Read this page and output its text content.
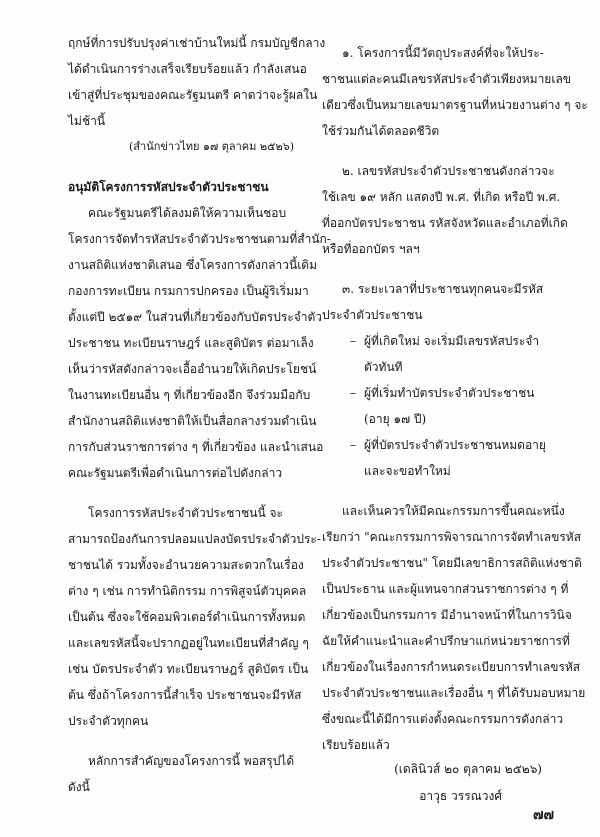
ฤกษ์ที่การปรับปรุงค่าเช่าบ้านใหม่นี้ กรมบัญชีกลาง
ได้ดำเนินการร่างเสร็จเรียบร้อยแล้ว กำลังเสนอ
เข้าสู่ที่ประชุมของคณะรัฐมนตรี คาดว่าจะรู้ผลใน
ไม่ช้านี้
(สำนักข่าวไทย ๑๗ ตุลาคม ๒๕๒๖)
อนุมัติโครงการรหัสประจำตัวประชาชน
คณะรัฐมนตรีได้ลงมติให้ความเห็นชอบ
โครงการจัดทำรหัสประจำตัวประชาชนตามที่สำนัก-
งานสถิติแห่งชาติเสนอ ซึ่งโครงการดังกล่าวนี้เดิม
กองการทะเบียน กรมการปกครอง เป็นผู้ริเริ่มมา
ตั้งแต่ปี ๒๕๑๙ ในส่วนที่เกี่ยวข้องกับบัตรประจำตัว
ประชาชน ทะเบียนราษฎร์ และสูติบัตร ต่อมาเล็ง
เห็นว่ารหัสดังกล่าวจะเอื้ออำนวยให้เกิดประโยชน์
ในงานทะเบียนอื่น ๆ ที่เกี่ยวข้องอีก จึงร่วมมือกับ
สำนักงานสถิติแห่งชาติให้เป็นสื่อกลางร่วมดำเนิน
การกับส่วนราชการต่าง ๆ ที่เกี่ยวข้อง และนำเสนอ
คณะรัฐมนตรีเพื่อดำเนินการต่อไปดังกล่าว
โครงการรหัสประจำตัวประชาชนนี้ จะ
สามารถป้องกันการปลอมแปลงบัตรประจำตัวประ-
ชาชนได้ รวมทั้งจะอำนวยความสะดวกในเรื่อง
ต่าง ๆ เช่น การทำนิติกรรม การพิสูจน์ตัวบุคคล
เป็นต้น ซึ่งจะใช้คอมพิวเตอร์ดำเนินการทั้งหมด
และเลขรหัสนี้จะปรากฏอยู่ในทะเบียนที่สำคัญ ๆ
เช่น บัตรประจำตัว ทะเบียนราษฎร์ สูติบัตร เป็น
ต้น ซึ่งถ้าโครงการนี้สำเร็จ ประชาชนจะมีรหัส
ประจำตัวทุกคน
หลักการสำคัญของโครงการนี้ พอสรุปได้
ดังนี้
๑. โครงการนี้มีวัตถุประสงค์ที่จะให้ประ-
ชาชนแต่ละคนมีเลขรหัสประจำตัวเพียงหมายเลข
เดียวซึ่งเป็นหมายเลขมาตรฐานที่หน่วยงานต่าง ๆ จะ
ใช้ร่วมกันได้ตลอดชีวิต
๒. เลขรหัสประจำตัวประชาชนดังกล่าวจะ
ใช้เลข ๑๙ หลัก แสดงปี พ.ศ. ที่เกิด หรือปี พ.ศ.
ที่ออกบัตรประชาชน รหัสจังหวัดและอำเภอที่เกิด
หรือที่ออกบัตร ฯลฯ
๓. ระยะเวลาที่ประชาชนทุกคนจะมีรหัส
ประจำตัวประชาชน
– ผู้ที่เกิดใหม่ จะเริ่มมีเลขรหัสประจำ
ตัวทันที
– ผู้ที่เริ่มทำบัตรประจำตัวประชาชน
(อายุ ๑๗ ปี)
– ผู้ที่บัตรประจำตัวประชาชนหมดอายุ
และจะขอทำใหม่
และเห็นควรให้มีคณะกรรมการขึ้นคณะหนึ่ง
เรียกว่า "คณะกรรมการพิจารณาการจัดทำเลขรหัส
ประจำตัวประชาชน" โดยมีเลขาธิการสถิติแห่งชาติ
เป็นประธาน และผู้แทนจากส่วนราชการต่าง ๆ ที่
เกี่ยวข้องเป็นกรรมการ มีอำนาจหน้าที่ในการวินิจ
ฉัยให้คำแนะนำและคำปรึกษาแก่หน่วยราชการที่
เกี่ยวข้องในเรื่องการกำหนดระเบียบการทำเลขรหัส
ประจำตัวประชาชนและเรื่องอื่น ๆ ที่ได้รับมอบหมาย
ซึ่งขณะนี้ได้มีการแต่งตั้งคณะกรรมการดังกล่าว
เรียบร้อยแล้ว
(เดลินิวส์ ๒๐ ตุลาคม ๒๕๒๖)
อาวุธ วรรณวงศ์
๗๗
